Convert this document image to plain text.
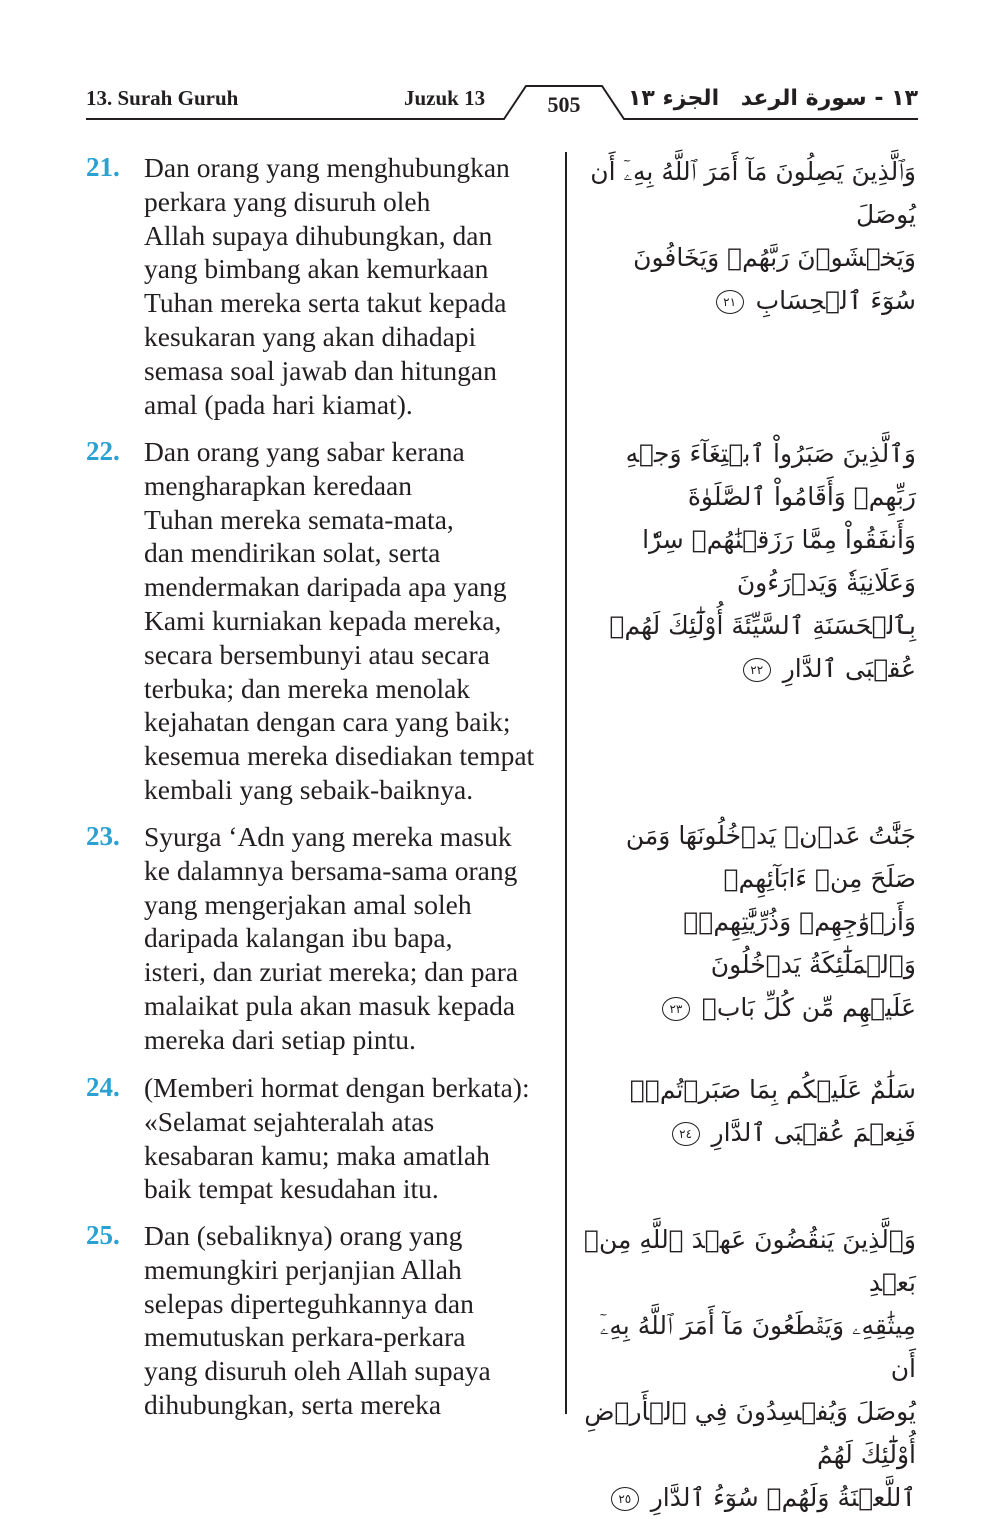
13. Surah Guruh	Juzuk 13	505	الجزء ١٣ ١٣ - سورة الرعد
21. Dan orang yang menghubungkan
perkara yang disuruh oleh
Allah supaya dihubungkan, dan
yang bimbang akan kemurkaan
Tuhan mereka serta takut kepada
kesukaran yang akan dihadapi
semasa soal jawab dan hitungan
amal (pada hari kiamat).
وَٱلَّذِينَ يَصِلُونَ مَآ أَمَرَ ٱللَّهُ بِهِۦٓ أَن يُوصَلَ
وَيَخۡشَوۡنَ رَبَّهُمۡ وَيَخَافُونَ سُوٓءَ ٱلۡحِسَابِ ٢١
22. Dan orang yang sabar kerana
mengharapkan keredaan
Tuhan mereka semata-mata,
dan mendirikan solat, serta
mendermakan daripada apa yang
Kami kurniakan kepada mereka,
secara bersembunyi atau secara
terbuka; dan mereka menolak
kejahatan dengan cara yang baik;
kesemua mereka disediakan tempat
kembali yang sebaik-baiknya.
وَٱلَّذِينَ صَبَرُواْ ٱبۡتِغَآءَ وَجۡهِ رَبِّهِمۡ وَأَقَامُواْ ٱلصَّلَوٰةَ
وَأَنفَقُواْ مِمَّا رَزَقۡنَٰهُمۡ سِرّٗا وَعَلَانِيَةٗ وَيَدۡرَءُونَ
بِٱلۡحَسَنَةِ ٱلسَّيِّئَةَ أُوْلَٰٓئِكَ لَهُمۡ عُقۡبَى ٱلدَّارِ ٢٢
23. Syurga ‘Adn yang mereka masuk
ke dalamnya bersama-sama orang
yang mengerjakan amal soleh
daripada kalangan ibu bapa,
isteri, dan zuriat mereka; dan para
malaikat pula akan masuk kepada
mereka dari setiap pintu.
جَنَّٰتُ عَدۡنٖ يَدۡخُلُونَهَا وَمَن صَلَحَ مِنۡ ءَابَآئِهِمۡ
وَأَزۡوَٰجِهِمۡ وَذُرِّيَّٰتِهِمۡۖ وَٱلۡمَلَٰٓئِكَةُ يَدۡخُلُونَ
عَلَيۡهِم مِّن كُلِّ بَابٖ ٢٣
24. (Memberi hormat dengan berkata):
«Selamat sejahteralah atas
kesabaran kamu; maka amatlah
baik tempat kesudahan itu.
سَلَٰمٌ عَلَيۡكُم بِمَا صَبَرۡتُمۡۚ فَنِعۡمَ عُقۡبَى ٱلدَّارِ ٢٤
25. Dan (sebaliknya) orang yang
memungkiri perjanjian Allah
selepas diperteguhkannya dan
memutuskan perkara-perkara
yang disuruh oleh Allah supaya
dihubungkan, serta mereka
وَٱلَّذِينَ يَنقُضُونَ عَهۡدَ ٱللَّهِ مِنۢ بَعۡدِ
مِيثَٰقِهِۦ وَيَقۡطَعُونَ مَآ أَمَرَ ٱللَّهُ بِهِۦٓ أَن
يُوصَلَ وَيُفۡسِدُونَ فِي ٱلۡأَرۡضِ أُوْلَٰٓئِكَ لَهُمُ
ٱللَّعۡنَةُ وَلَهُمۡ سُوٓءُ ٱلدَّارِ ٢٥
